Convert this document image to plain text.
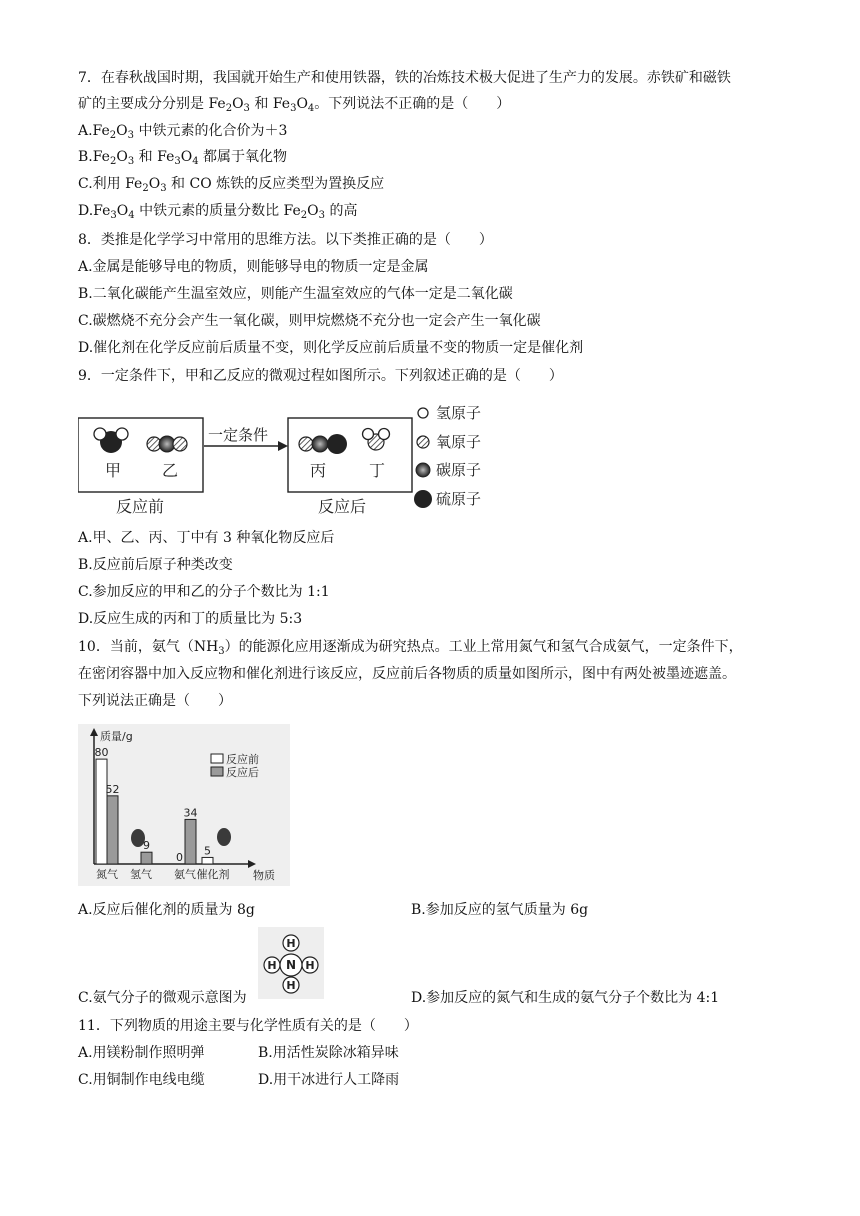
7．在春秋战国时期，我国就开始生产和使用铁器，铁的冶炼技术极大促进了生产力的发展。赤铁矿和磁铁
矿的主要成分分别是 $Fe_2O_3$ 和 $Fe_3O_4$。下列说法不正确的是（　　）
$A.Fe_2O_3$ 中铁元素的化合价为＋3
$B.Fe_2O_3$ 和 $Fe_3O_4$ 都属于氧化物
C.利用 $Fe_2O_3$ 和 CO 炼铁的反应类型为置换反应
$D.Fe_3O_4$ 中铁元素的质量分数比 $Fe_2O_3$ 的高
8．类推是化学学习中常用的思维方法。以下类推正确的是（　　）
A.金属是能够导电的物质，则能够导电的物质一定是金属
B.二氧化碳能产生温室效应，则能产生温室效应的气体一定是二氧化碳
C.碳燃烧不充分会产生一氧化碳，则甲烷燃烧不充分也一定会产生一氧化碳
D.催化剂在化学反应前后质量不变，则化学反应前后质量不变的物质一定是催化剂
9．一定条件下，甲和乙反应的微观过程如图所示。下列叙述正确的是（　　）
甲	乙
反应前
一定条件
丙	丁
反应后
氢原子
氧原子
碳原子
硫原子
A.甲、乙、丙、丁中有 3 种氧化物反应后
B.反应前后原子种类改变
C.参加反应的甲和乙的分子个数比为 1:1
D.反应生成的丙和丁的质量比为 5:3
10．当前，氨气$(NH_3)$的能源化应用逐渐成为研究热点。工业上常用氮气和氢气合成氨气，一定条件下，
在密闭容器中加入反应物和催化剂进行该反应，反应前后各物质的质量如图所示，图中有两处被墨迹遮盖。
下列说法正确是（　　）
质量/g
物质
反应前
反应后
80
52
氮气
9
氢气
0
34
氨气
5
催化剂
A.反应后催化剂的质量为 8g	B.参加反应的氢气质量为 6g
C.氨气分子的微观示意图为
H
H	H
H
N
D.参加反应的氮气和生成的氨气分子个数比为 4:1
11．下列物质的用途主要与化学性质有关的是（　　）
A.用镁粉制作照明弹	B.用活性炭除冰箱异味
C.用铜制作电线电缆	D.用干冰进行人工降雨
